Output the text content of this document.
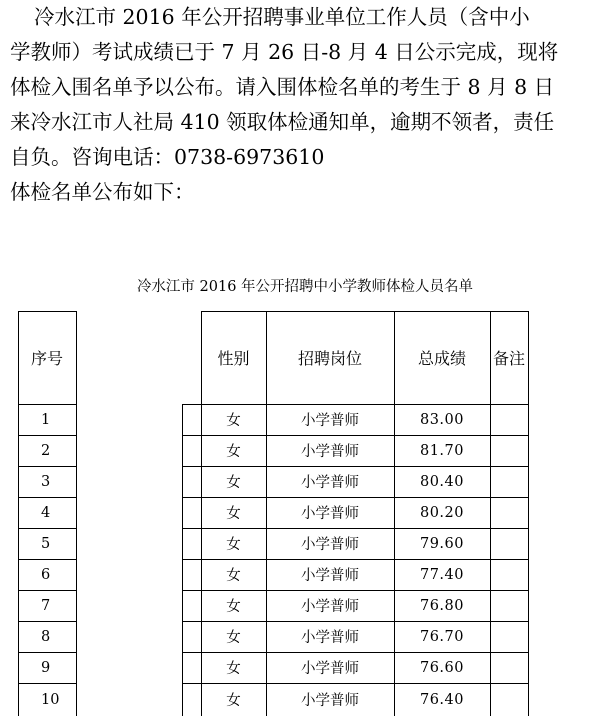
冷水江市 2016 年公开招聘事业单位工作人员（含中小
学教师）考试成绩已于 7 月 26 日-8 月 4 日公示完成，现将
体检入围名单予以公布。请入围体检名单的考生于 8 月 8 日
来冷水江市人社局 410 领取体检通知单，逾期不领者，责任
自负。咨询电话：0738-6973610
体检名单公布如下：
冷水江市 2016 年公开招聘中小学教师体检人员名单
序号	性别	招聘岗位	总成绩	备注
1	女	小学普师	83.00
2	女	小学普师	81.70
3	女	小学普师	80.40
4	女	小学普师	80.20
5	女	小学普师	79.60
6	女	小学普师	77.40
7	女	小学普师	76.80
8	女	小学普师	76.70
9	女	小学普师	76.60
10	女	小学普师	76.40
